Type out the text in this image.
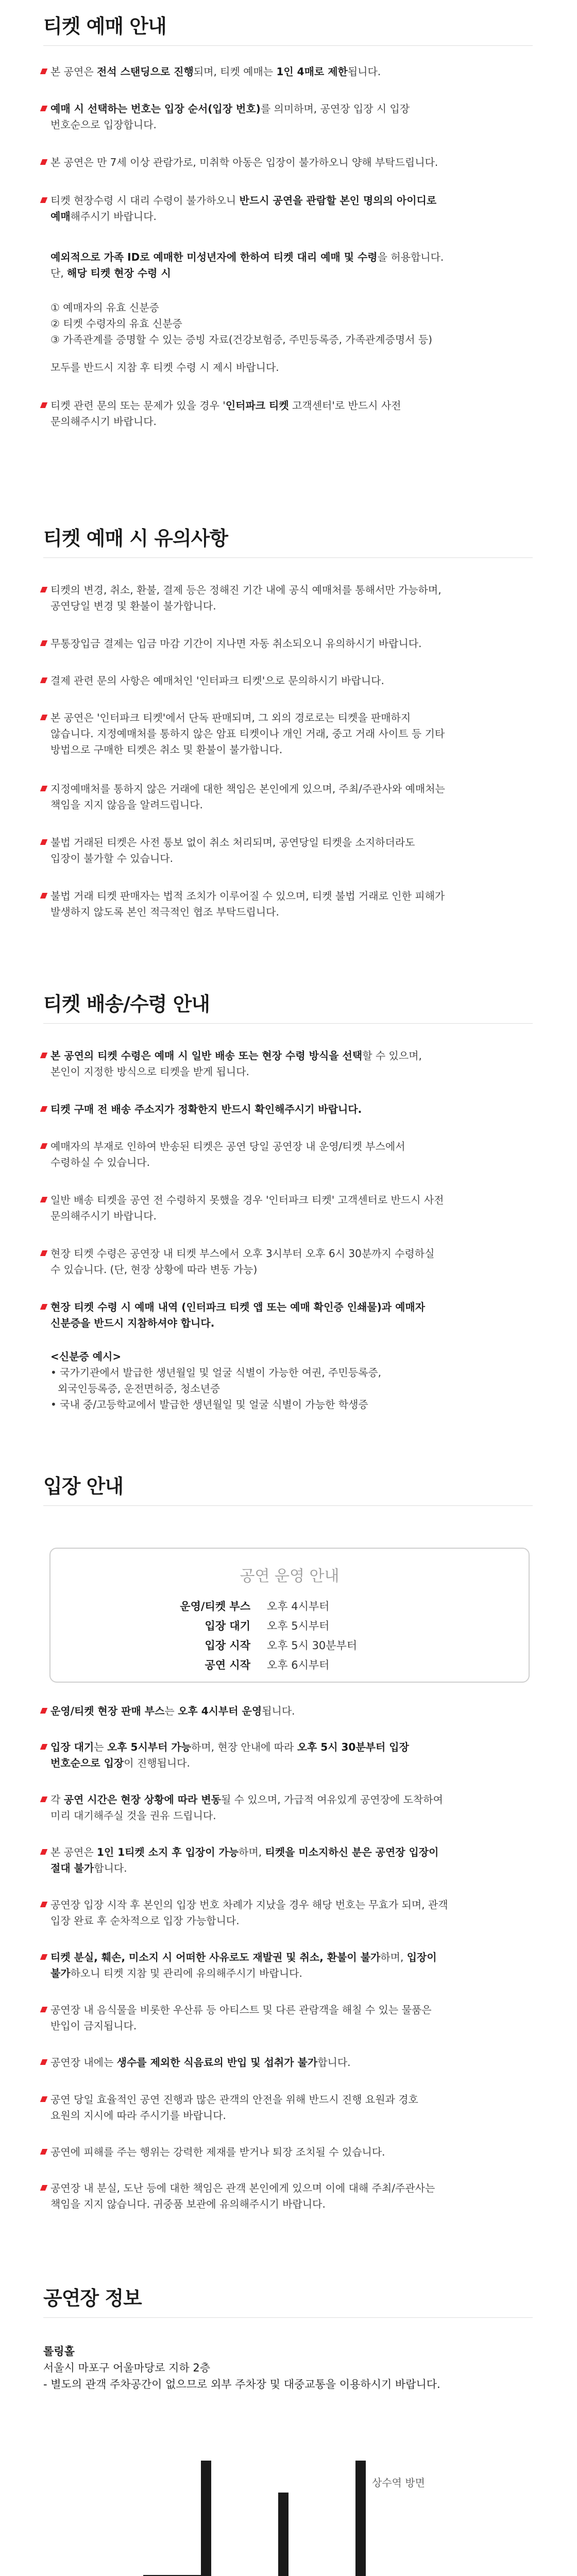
티켓 예매 안내

본 공연은 전석 스탠딩으로 진행되며, 티켓 예매는 1인 4매로 제한됩니다.

예매 시 선택하는 번호는 입장 순서(입장 번호)를 의미하며, 공연장 입장 시 입장

번호순으로 입장합니다.

본 공연은 만 7세 이상 관람가로, 미취학 아동은 입장이 불가하오니 양해 부탁드립니다.

티켓 현장수령 시 대리 수령이 불가하오니 반드시 공연을 관람할 본인 명의의 아이디로

예매해주시기 바랍니다.

예외적으로 가족 ID로 예매한 미성년자에 한하여 티켓 대리 예매 및 수령을 허용합니다.

단, 해당 티켓 현장 수령 시

① 예매자의 유효 신분증

② 티켓 수령자의 유효 신분증

③ 가족관계를 증명할 수 있는 증빙 자료(건강보험증, 주민등록증, 가족관계증명서 등)

모두를 반드시 지참 후 티켓 수령 시 제시 바랍니다.

티켓 관련 문의 또는 문제가 있을 경우 '인터파크 티켓 고객센터'로 반드시 사전

문의해주시기 바랍니다.

티켓 예매 시 유의사항

티켓의 변경, 취소, 환불, 결제 등은 정해진 기간 내에 공식 예매처를 통해서만 가능하며,

공연당일 변경 및 환불이 불가합니다.

무통장입금 결제는 입금 마감 기간이 지나면 자동 취소되오니 유의하시기 바랍니다.

결제 관련 문의 사항은 예매처인 '인터파크 티켓'으로 문의하시기 바랍니다.

본 공연은 '인터파크 티켓'에서 단독 판매되며, 그 외의 경로로는 티켓을 판매하지

않습니다. 지정예매처를 통하지 않은 암표 티켓이나 개인 거래, 중고 거래 사이트 등 기타

방법으로 구매한 티켓은 취소 및 환불이 불가합니다.

지정예매처를 통하지 않은 거래에 대한 책임은 본인에게 있으며, 주최/주관사와 예매처는

책임을 지지 않음을 알려드립니다.

불법 거래된 티켓은 사전 통보 없이 취소 처리되며, 공연당일 티켓을 소지하더라도

입장이 불가할 수 있습니다.

불법 거래 티켓 판매자는 법적 조치가 이루어질 수 있으며, 티켓 불법 거래로 인한 피해가

발생하지 않도록 본인 적극적인 협조 부탁드립니다.

티켓 배송/수령 안내

본 공연의 티켓 수령은 예매 시 일반 배송 또는 현장 수령 방식을 선택할 수 있으며,

본인이 지정한 방식으로 티켓을 받게 됩니다.

티켓 구매 전 배송 주소지가 정확한지 반드시 확인해주시기 바랍니다.

예매자의 부재로 인하여 반송된 티켓은 공연 당일 공연장 내 운영/티켓 부스에서

수령하실 수 있습니다.

일반 배송 티켓을 공연 전 수령하지 못했을 경우 '인터파크 티켓' 고객센터로 반드시 사전

문의해주시기 바랍니다.

현장 티켓 수령은 공연장 내 티켓 부스에서 오후 3시부터 오후 6시 30분까지 수령하실

수 있습니다. (단, 현장 상황에 따라 변동 가능)

현장 티켓 수령 시 예매 내역 (인터파크 티켓 앱 또는 예매 확인증 인쇄물)과 예매자

신분증을 반드시 지참하셔야 합니다.

<신분증 예시>

• 국가기관에서 발급한 생년월일 및 얼굴 식별이 가능한 여권, 주민등록증,

외국인등록증, 운전면허증, 청소년증

• 국내 중/고등학교에서 발급한 생년월일 및 얼굴 식별이 가능한 학생증

입장 안내
공연 운영 안내
운영/티켓 부스 오후 4시부터
입장 대기 오후 5시부터
입장 시작 오후 5시 30분부터
공연 시작 오후 6시부터

운영/티켓 현장 판매 부스는 오후 4시부터 운영됩니다.

입장 대기는 오후 5시부터 가능하며, 현장 안내에 따라 오후 5시 30분부터 입장

번호순으로 입장이 진행됩니다.

각 공연 시간은 현장 상황에 따라 변동될 수 있으며, 가급적 여유있게 공연장에 도착하여

미리 대기해주실 것을 권유 드립니다.

본 공연은 1인 1티켓 소지 후 입장이 가능하며, 티켓을 미소지하신 분은 공연장 입장이

절대 불가합니다.

공연장 입장 시작 후 본인의 입장 번호 차례가 지났을 경우 해당 번호는 무효가 되며, 관객

입장 완료 후 순차적으로 입장 가능합니다.

티켓 분실, 훼손, 미소지 시 어떠한 사유로도 재발권 및 취소, 환불이 불가하며, 입장이

불가하오니 티켓 지참 및 관리에 유의해주시기 바랍니다.

공연장 내 음식물을 비롯한 우산류 등 아티스트 및 다른 관람객을 해칠 수 있는 물품은

반입이 금지됩니다.

공연장 내에는 생수를 제외한 식음료의 반입 및 섭취가 불가합니다.

공연 당일 효율적인 공연 진행과 많은 관객의 안전을 위해 반드시 진행 요원과 경호

요원의 지시에 따라 주시기를 바랍니다.

공연에 피해를 주는 행위는 강력한 제재를 받거나 퇴장 조치될 수 있습니다.

공연장 내 분실, 도난 등에 대한 책임은 관객 본인에게 있으며 이에 대해 주최/주관사는

책임을 지지 않습니다. 귀중품 보관에 유의해주시기 바랍니다.

공연장 정보
롤링홀
서울시 마포구 어울마당로 지하 2층
- 별도의 관객 주차공간이 없으므로 외부 주차장 및 대중교통을 이용하시기 바랍니다.
상수역 방면
